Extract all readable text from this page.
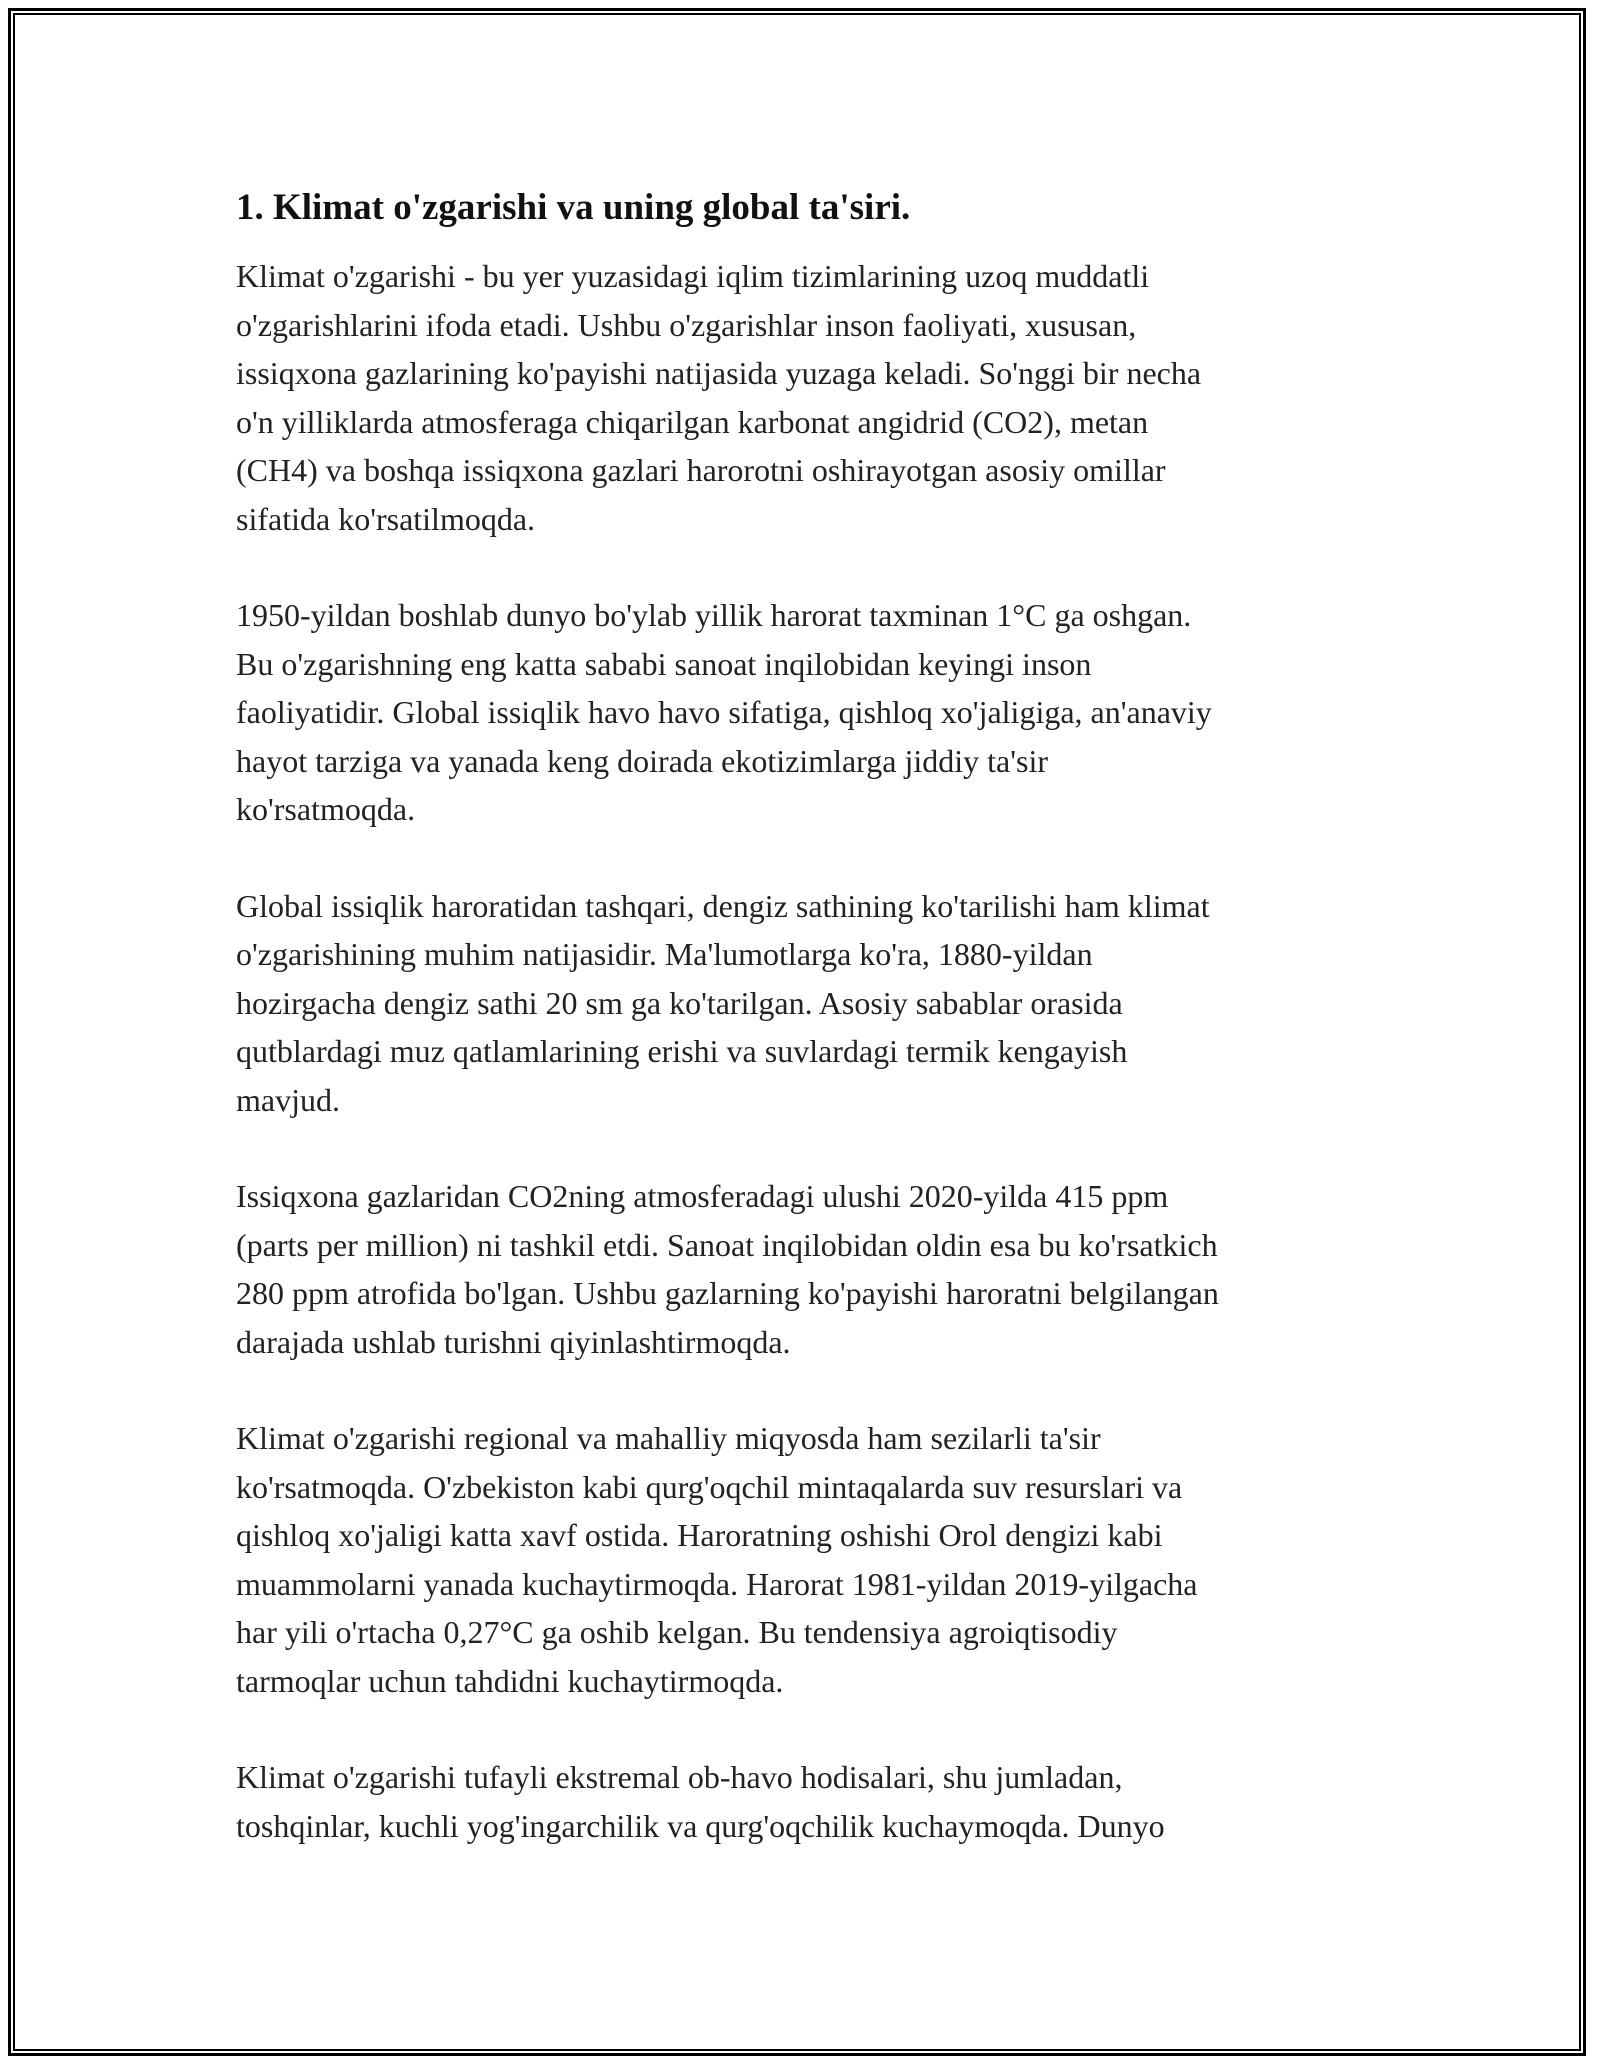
1. Klimat o'zgarishi va uning global ta'siri.

Klimat o'zgarishi - bu yer yuzasidagi iqlim tizimlarining uzoq muddatli
o'zgarishlarini ifoda etadi. Ushbu o'zgarishlar inson faoliyati, xususan,
issiqxona gazlarining ko'payishi natijasida yuzaga keladi. So'nggi bir necha
o'n yilliklarda atmosferaga chiqarilgan karbonat angidrid (CO2), metan
(CH4) va boshqa issiqxona gazlari harorotni oshirayotgan asosiy omillar
sifatida ko'rsatilmoqda.

1950-yildan boshlab dunyo bo'ylab yillik harorat taxminan 1°C ga oshgan.
Bu o'zgarishning eng katta sababi sanoat inqilobidan keyingi inson
faoliyatidir. Global issiqlik havo havo sifatiga, qishloq xo'jaligiga, an'anaviy
hayot tarziga va yanada keng doirada ekotizimlarga jiddiy ta'sir
ko'rsatmoqda.

Global issiqlik haroratidan tashqari, dengiz sathining ko'tarilishi ham klimat
o'zgarishining muhim natijasidir. Ma'lumotlarga ko'ra, 1880-yildan
hozirgacha dengiz sathi 20 sm ga ko'tarilgan. Asosiy sabablar orasida
qutblardagi muz qatlamlarining erishi va suvlardagi termik kengayish
mavjud.

Issiqxona gazlaridan CO2ning atmosferadagi ulushi 2020-yilda 415 ppm
(parts per million) ni tashkil etdi. Sanoat inqilobidan oldin esa bu ko'rsatkich
280 ppm atrofida bo'lgan. Ushbu gazlarning ko'payishi haroratni belgilangan
darajada ushlab turishni qiyinlashtirmoqda.

Klimat o'zgarishi regional va mahalliy miqyosda ham sezilarli ta'sir
ko'rsatmoqda. O'zbekiston kabi qurg'oqchil mintaqalarda suv resurslari va
qishloq xo'jaligi katta xavf ostida. Haroratning oshishi Orol dengizi kabi
muammolarni yanada kuchaytirmoqda. Harorat 1981-yildan 2019-yilgacha
har yili o'rtacha 0,27°C ga oshib kelgan. Bu tendensiya agroiqtisodiy
tarmoqlar uchun tahdidni kuchaytirmoqda.

Klimat o'zgarishi tufayli ekstremal ob-havo hodisalari, shu jumladan,
toshqinlar, kuchli yog'ingarchilik va qurg'oqchilik kuchaymoqda. Dunyo
